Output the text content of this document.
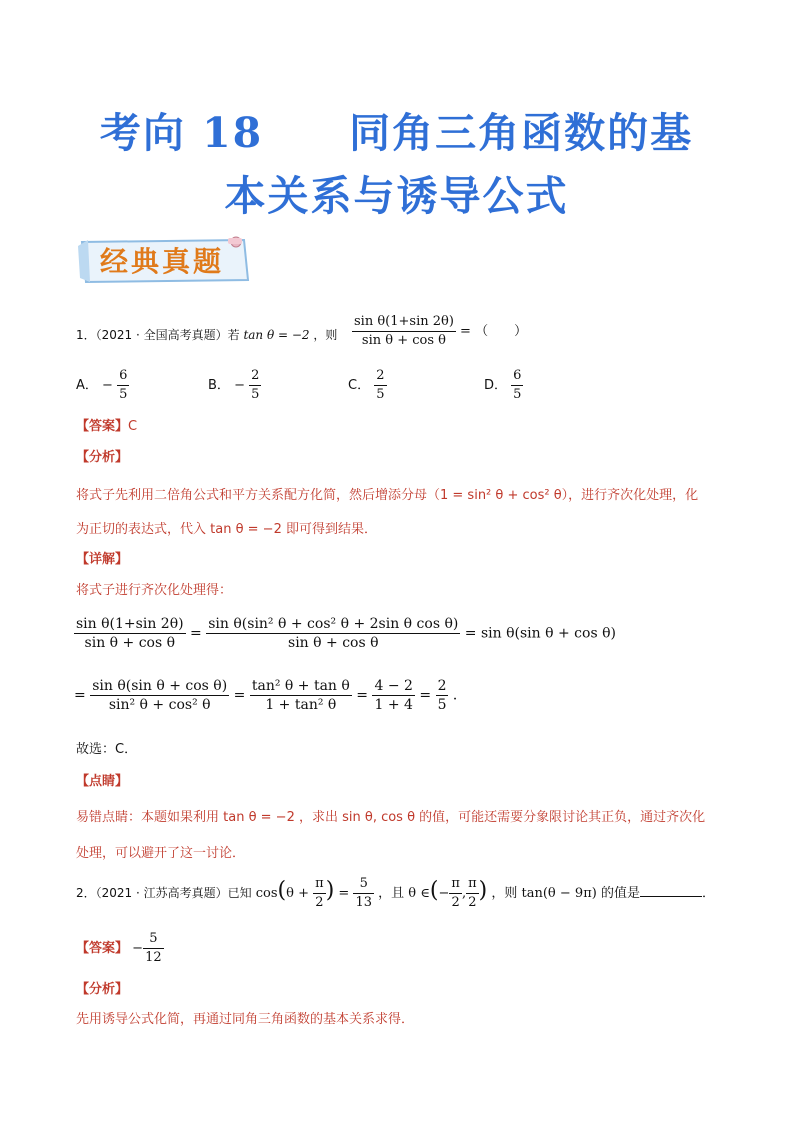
考向 18　　同角三角函数的基
本关系与诱导公式
经典真题
1．（2021 · 全国高考真题）若 tan θ = −2 ，则 $\frac{\text{sin θ(1+sin 2θ)}}{\text{sin θ + cos θ}}$ = （　　）
A． − $\frac{6}{5}$	B． − $\frac{2}{5}$	C． $\frac{2}{5}$	D． $\frac{6}{5}$
【答案】C
【分析】
将式子先利用二倍角公式和平方关系配方化简，然后增添分母（1 = sin² θ + cos² θ），进行齐次化处理，化
为正切的表达式，代入 tan θ = −2 即可得到结果．
【详解】
将式子进行齐次化处理得：
$\frac{\text{sin θ(1+sin 2θ)}}{\text{sin θ + cos θ}} = \frac{\text{sin θ(sin² θ + cos² θ + 2sin θ cos θ)}}{\text{sin θ + cos θ}} = \sin \theta(\sin$ θ + cos θ)
= $\frac{\text{sin θ(sin θ + cos θ)}}{\text{sin² θ + cos² θ}} = \frac{\text{tan² θ + tan θ}}{\text{1 + tan² θ}} = \frac{4 - 2}{1 + 4} = \frac{2}{5}$ ．
故选：C．
【点睛】
易错点睛：本题如果利用 tan θ = −2 ，求出 sin θ, cos θ 的值，可能还需要分象限讨论其正负，通过齐次化
处理，可以避开了这一讨论．
2．（2021 · 江苏高考真题）已知 $\cos(\theta + \frac{\pi}{2}$ ) = $\frac{5}{13}$ ，且 θ ∈(− $\frac{\pi}{2}$ , $\frac{\pi}{2}$ ) ，则 tan(θ − 9π) 的值是	．
【答案】 − $\frac{5}{12}$
【分析】
先用诱导公式化简，再通过同角三角函数的基本关系求得．
